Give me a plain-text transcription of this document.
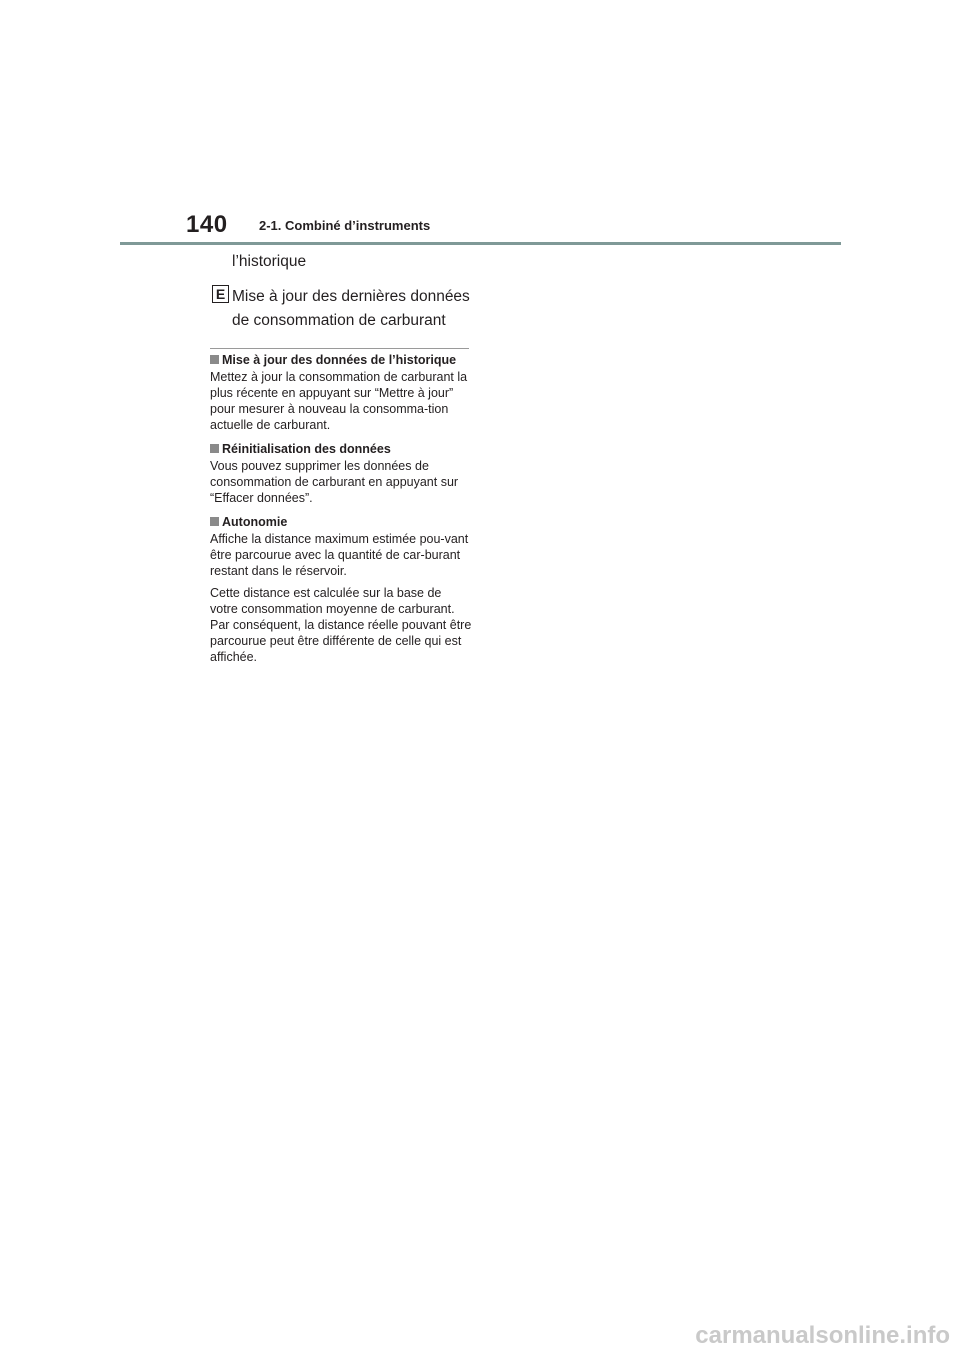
140 2-1. Combiné d’instruments
l’historique
E Mise à jour des dernières données de consommation de carburant

Mise à jour des données de l’historique

Mettez à jour la consommation de carburant la plus récente en appuyant sur “Mettre à jour” pour mesurer à nouveau la consomma-tion actuelle de carburant.

Réinitialisation des données

Vous pouvez supprimer les données de consommation de carburant en appuyant sur “Effacer données”.

Autonomie

Affiche la distance maximum estimée pou-vant être parcourue avec la quantité de car-burant restant dans le réservoir.

Cette distance est calculée sur la base de votre consommation moyenne de carburant. Par conséquent, la distance réelle pouvant être parcourue peut être différente de celle qui est affichée.

carmanualsonline.info
